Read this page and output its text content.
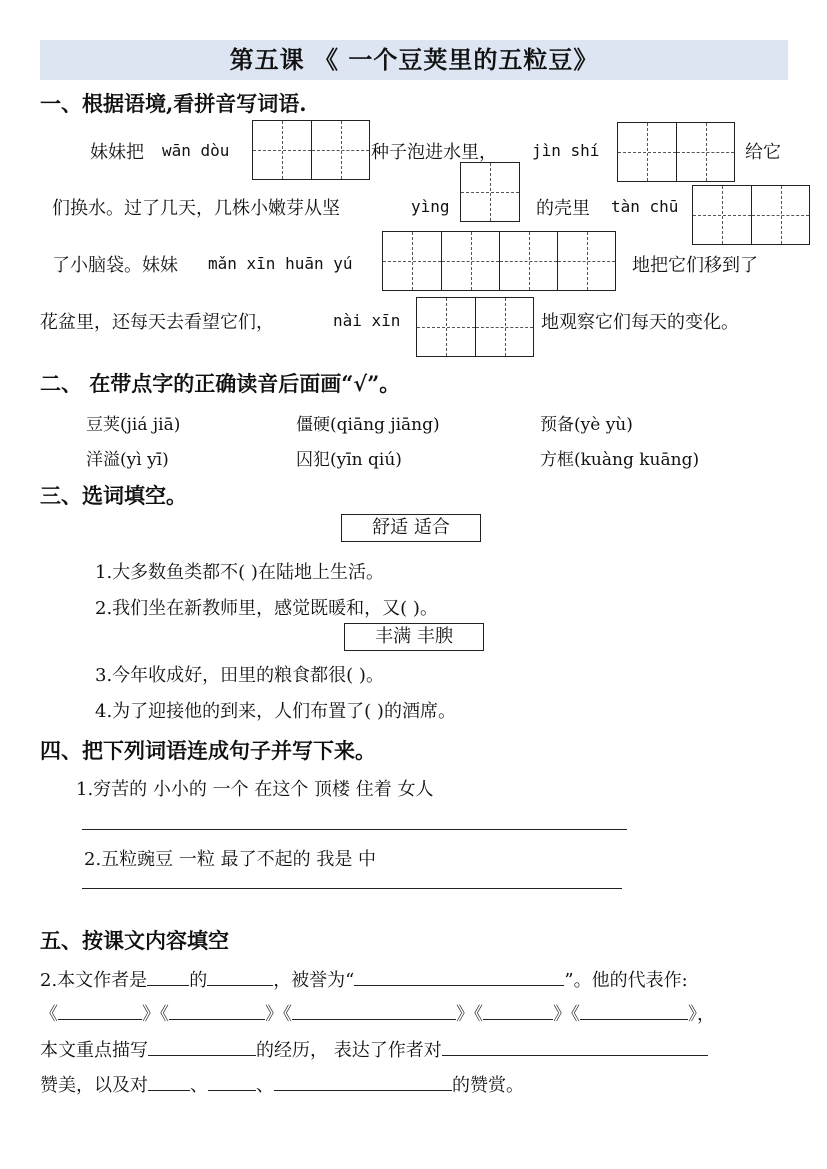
第五课 《 一个豆荚里的五粒豆》
一、根据语境,看拼音写词语.
妹妹把 wān dòu	种子泡进水里， jìn shí	给它
们换水。过了几天，几株小嫩芽从坚	yìng	的壳里 tàn chū
了小脑袋。妹妹 mǎn xīn huān yú	地把它们移到了
花盆里，还每天去看望它们，	nài xīn	地观察它们每天的变化。
二、 在带点字的正确读音后面画“√”。
豆荚(jiá jiā)	僵硬(qiāng jiāng)	预备(yè yù)
洋溢(yì yī)	囚犯(yīn qiú)	方框(kuàng kuāng)
三、选词填空。
舒适 适合
1.大多数鱼类都不( )在陆地上生活。
2.我们坐在新教师里，感觉既暖和，又( )。
丰满 丰腴
3.今年收成好，田里的粮食都很( )。
4.为了迎接他的到来，人们布置了( )的酒席。
四、把下列词语连成句子并写下来。
1.穷苦的 小小的 一个 在这个 顶楼 住着 女人
2.五粒豌豆 一粒 最了不起的 我是 中
五、按课文内容填空
2.本文作者是 的	，被誉为“	”。他的代表作:
《	》《	》《	》《	》《	》，
本文重点描写	的经历， 表达了作者对
赞美，以及对 、	、	的赞赏。
